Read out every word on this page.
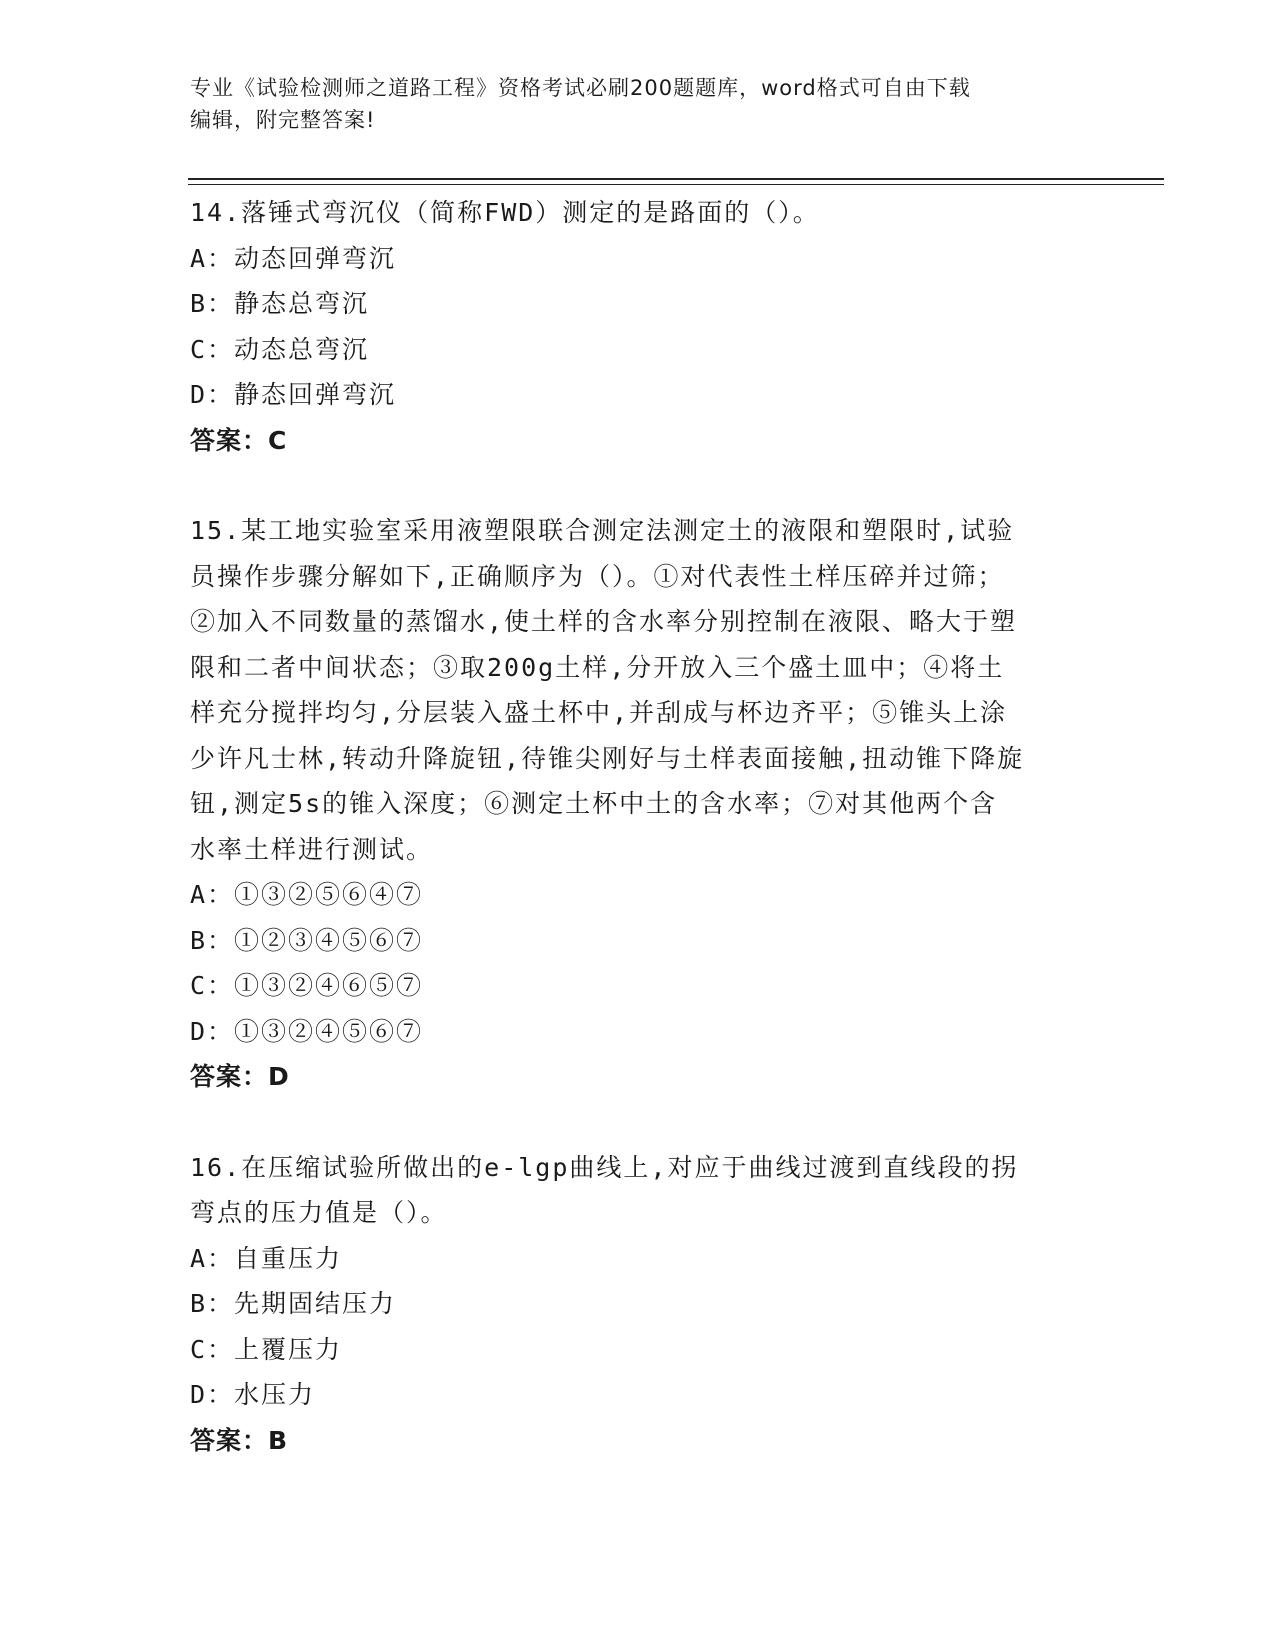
专业《试验检测师之道路工程》资格考试必刷200题题库，word格式可自由下载
编辑，附完整答案!

14.落锤式弯沉仪（简称FWD）测定的是路面的（）。

A：动态回弹弯沉

B：静态总弯沉

C：动态总弯沉

D：静态回弹弯沉

答案：C

15.某工地实验室采用液塑限联合测定法测定土的液限和塑限时,试验

员操作步骤分解如下,正确顺序为（）。①对代表性土样压碎并过筛；

②加入不同数量的蒸馏水,使土样的含水率分别控制在液限、略大于塑

限和二者中间状态；③取200g土样,分开放入三个盛土皿中；④将土

样充分搅拌均匀,分层装入盛土杯中,并刮成与杯边齐平；⑤锥头上涂

少许凡士林,转动升降旋钮,待锥尖刚好与土样表面接触,扭动锥下降旋

钮,测定5s的锥入深度；⑥测定土杯中土的含水率；⑦对其他两个含

水率土样进行测试。

A：①③②⑤⑥④⑦

B：①②③④⑤⑥⑦

C：①③②④⑥⑤⑦

D：①③②④⑤⑥⑦

答案：D

16.在压缩试验所做出的e-lgp曲线上,对应于曲线过渡到直线段的拐

弯点的压力值是（）。

A：自重压力

B：先期固结压力

C：上覆压力

D：水压力

答案：B
